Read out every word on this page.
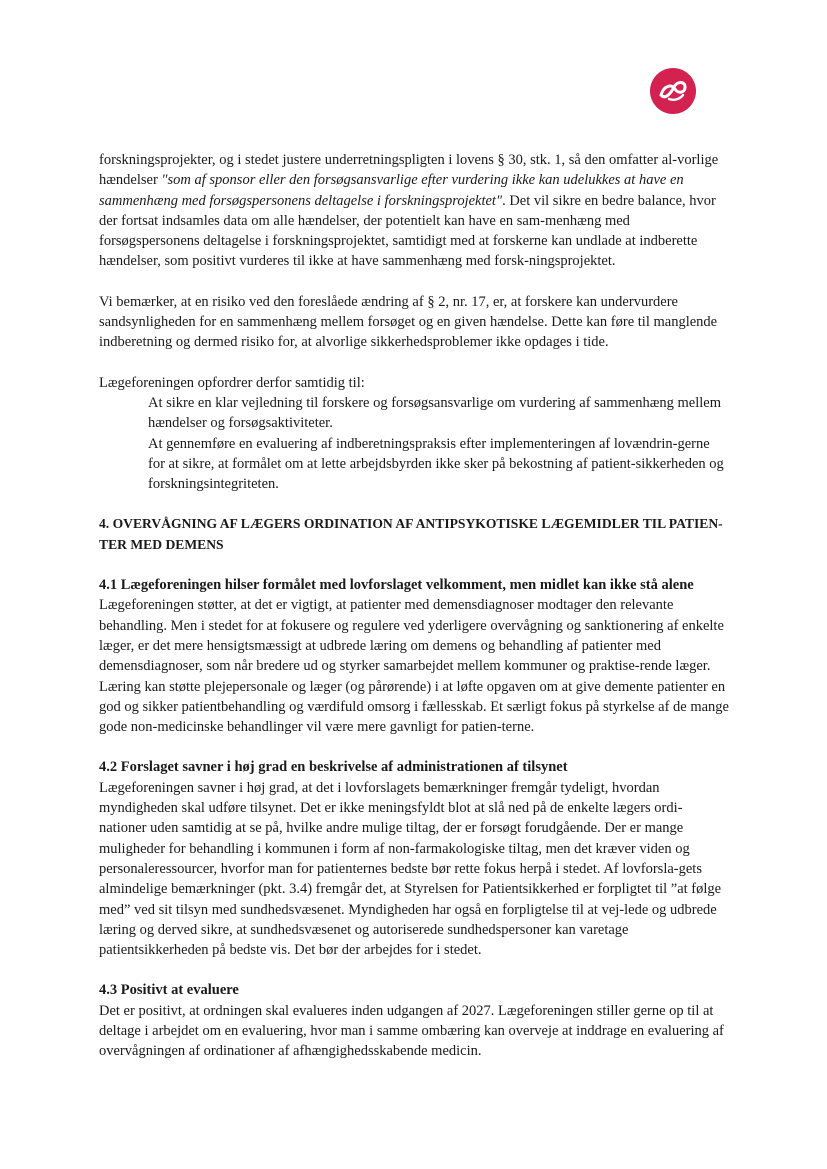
forskningsprojekter, og i stedet justere underretningspligten i lovens § 30, stk. 1, så den omfatter al-vorlige hændelser "som af sponsor eller den forsøgsansvarlige efter vurdering ikke kan udelukkes at have en sammenhæng med forsøgspersonens deltagelse i forskningsprojektet". Det vil sikre en bedre balance, hvor der fortsat indsamles data om alle hændelser, der potentielt kan have en sam-menhæng med forsøgspersonens deltagelse i forskningsprojektet, samtidigt med at forskerne kan undlade at indberette hændelser, som positivt vurderes til ikke at have sammenhæng med forsk-ningsprojektet.

Vi bemærker, at en risiko ved den foreslåede ændring af § 2, nr. 17, er, at forskere kan undervurdere sandsynligheden for en sammenhæng mellem forsøget og en given hændelse. Dette kan føre til manglende indberetning og dermed risiko for, at alvorlige sikkerhedsproblemer ikke opdages i tide.

Lægeforeningen opfordrer derfor samtidig til:

At sikre en klar vejledning til forskere og forsøgsansvarlige om vurdering af sammenhæng mellem hændelser og forsøgsaktiviteter.

At gennemføre en evaluering af indberetningspraksis efter implementeringen af lovændrin-gerne for at sikre, at formålet om at lette arbejdsbyrden ikke sker på bekostning af patient-sikkerheden og forskningsintegriteten.

4. OVERVÅGNING AF LÆGERS ORDINATION AF ANTIPSYKOTISKE LÆGEMIDLER TIL PATIEN-TER MED DEMENS

4.1 Lægeforeningen hilser formålet med lovforslaget velkomment, men midlet kan ikke stå alene

Lægeforeningen støtter, at det er vigtigt, at patienter med demensdiagnoser modtager den relevante behandling. Men i stedet for at fokusere og regulere ved yderligere overvågning og sanktionering af enkelte læger, er det mere hensigtsmæssigt at udbrede læring om demens og behandling af patienter med demensdiagnoser, som når bredere ud og styrker samarbejdet mellem kommuner og praktise-rende læger. Læring kan støtte plejepersonale og læger (og pårørende) i at løfte opgaven om at give demente patienter en god og sikker patientbehandling og værdifuld omsorg i fællesskab. Et særligt fokus på styrkelse af de mange gode non-medicinske behandlinger vil være mere gavnligt for patien-terne.

4.2 Forslaget savner i høj grad en beskrivelse af administrationen af tilsynet

Lægeforeningen savner i høj grad, at det i lovforslagets bemærkninger fremgår tydeligt, hvordan myndigheden skal udføre tilsynet. Det er ikke meningsfyldt blot at slå ned på de enkelte lægers ordi-nationer uden samtidig at se på, hvilke andre mulige tiltag, der er forsøgt forudgående. Der er mange muligheder for behandling i kommunen i form af non-farmakologiske tiltag, men det kræver viden og personaleressourcer, hvorfor man for patienternes bedste bør rette fokus herpå i stedet. Af lovforsla-gets almindelige bemærkninger (pkt. 3.4) fremgår det, at Styrelsen for Patientsikkerhed er forpligtet til ”at følge med” ved sit tilsyn med sundhedsvæsenet. Myndigheden har også en forpligtelse til at vej-lede og udbrede læring og derved sikre, at sundhedsvæsenet og autoriserede sundhedspersoner kan varetage patientsikkerheden på bedste vis. Det bør der arbejdes for i stedet.

4.3 Positivt at evaluere

Det er positivt, at ordningen skal evalueres inden udgangen af 2027. Lægeforeningen stiller gerne op til at deltage i arbejdet om en evaluering, hvor man i samme ombæring kan overveje at inddrage en evaluering af overvågningen af ordinationer af afhængighedsskabende medicin.
